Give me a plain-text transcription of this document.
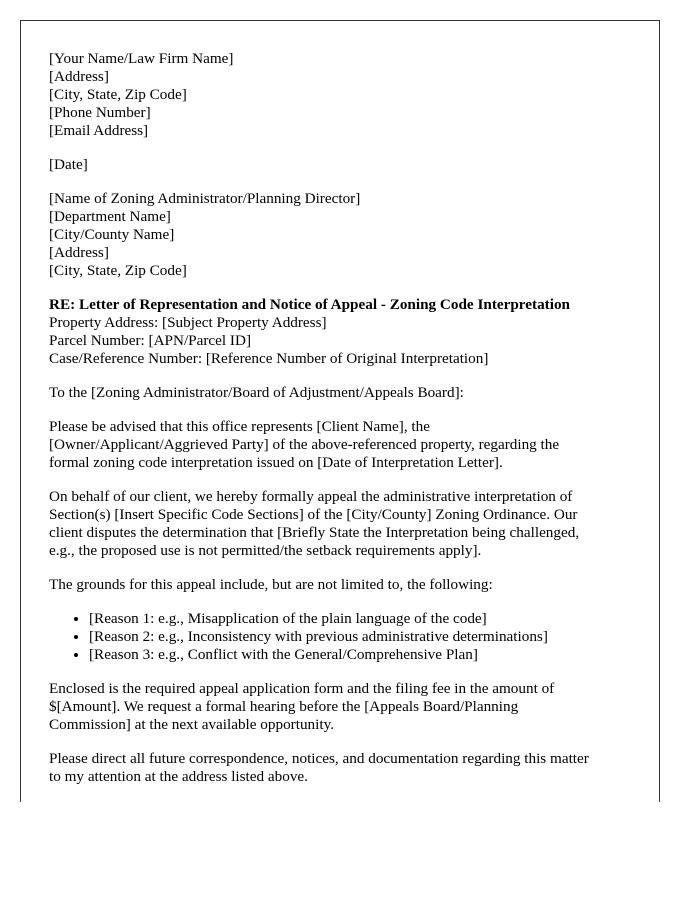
[Your Name/Law Firm Name]
[Address]
[City, State, Zip Code]
[Phone Number]
[Email Address]

[Date]

[Name of Zoning Administrator/Planning Director]
[Department Name]
[City/County Name]
[Address]
[City, State, Zip Code]

RE: Letter of Representation and Notice of Appeal - Zoning Code Interpretation
Property Address: [Subject Property Address]
Parcel Number: [APN/Parcel ID]
Case/Reference Number: [Reference Number of Original Interpretation]

To the [Zoning Administrator/Board of Adjustment/Appeals Board]:

Please be advised that this office represents [Client Name], the
[Owner/Applicant/Aggrieved Party] of the above-referenced property, regarding the
formal zoning code interpretation issued on [Date of Interpretation Letter].

On behalf of our client, we hereby formally appeal the administrative interpretation of
Section(s) [Insert Specific Code Sections] of the [City/County] Zoning Ordinance. Our
client disputes the determination that [Briefly State the Interpretation being challenged,
e.g., the proposed use is not permitted/the setback requirements apply].

The grounds for this appeal include, but are not limited to, the following:

• [Reason 1: e.g., Misapplication of the plain language of the code]
• [Reason 2: e.g., Inconsistency with previous administrative determinations]
• [Reason 3: e.g., Conflict with the General/Comprehensive Plan]

Enclosed is the required appeal application form and the filing fee in the amount of
$[Amount]. We request a formal hearing before the [Appeals Board/Planning
Commission] at the next available opportunity.

Please direct all future correspondence, notices, and documentation regarding this matter
to my attention at the address listed above.
